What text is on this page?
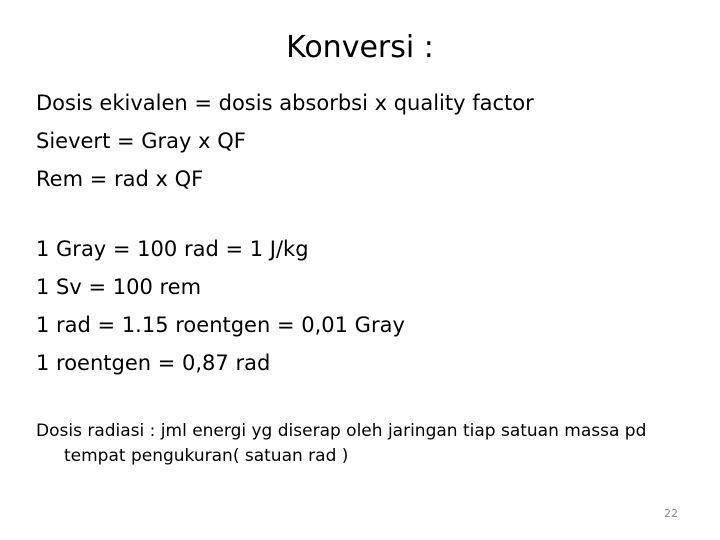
Konversi :
Dosis ekivalen = dosis absorbsi x quality factor
Sievert = Gray x QF
Rem = rad x QF
1 Gray = 100 rad = 1 J/kg
1 Sv = 100 rem
1 rad = 1.15 roentgen = 0,01 Gray
1 roentgen = 0,87 rad

Dosis radiasi : jml energi yg diserap oleh jaringan tiap satuan massa pd tempat pengukuran( satuan rad )

22
